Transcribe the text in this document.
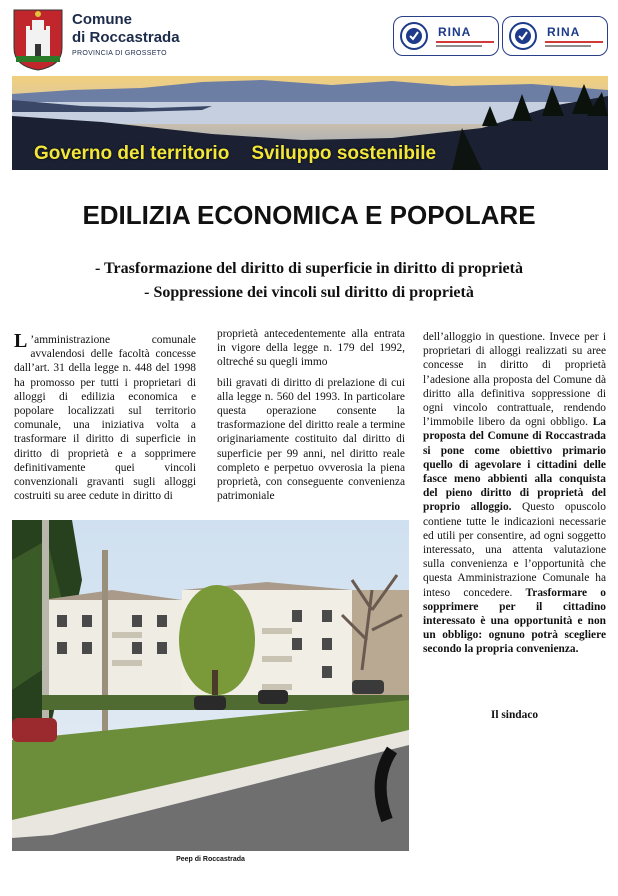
Comune
di Roccastrada
PROVINCIA DI GROSSETO
RINA	RINA
Governo del territorio Sviluppo sostenibile
EDILIZIA ECONOMICA E POPOLARE
- Trasformazione del diritto di superficie in diritto di proprietà
- Soppressione dei vincoli sul diritto di proprietà

L ’amministrazione comunale avvalendosi delle facoltà concesse dall’art. 31 della legge n. 448 del 1998 ha promosso per tutti i proprietari di alloggi di edilizia economica e popolare localizzati sul territorio comunale, una iniziativa volta a trasformare il diritto di superficie in diritto di proprietà e a sopprimere definitivamente quei vincoli convenzionali gravanti sugli alloggi costruiti su aree cedute in diritto di

proprietà antecedentemente alla entrata in vigore della legge n. 179 del 1992, oltreché su quegli immo

bili gravati di diritto di prelazione di cui alla legge n. 560 del 1993. In particolare questa operazione consente la trasformazione del diritto reale a termine originariamente costituito dal diritto di superficie per 99 anni, nel diritto reale completo e perpetuo ovverosia la piena proprietà, con conseguente convenienza patrimoniale

dell’alloggio in questione. Invece per i proprietari di alloggi realizzati su aree concesse in diritto di proprietà l’adesione alla proposta del Comune dà diritto alla definitiva soppressione di ogni vincolo contrattuale, rendendo l’immobile libero da ogni obbligo. La proposta del Comune di Roccastrada si pone come obiettivo primario quello di agevolare i cittadini delle fasce meno abbienti alla conquista del pieno diritto di proprietà del proprio alloggio. Questo opuscolo contiene tutte le indicazioni necessarie ed utili per consentire, ad ogni soggetto interessato, una attenta valutazione sulla convenienza e l’opportunità che questa Amministrazione Comunale ha inteso concedere. Trasformare o sopprimere per il cittadino interessato è una opportunità e non un obbligo: ognuno potrà scegliere secondo la propria convenienza.

Il sindaco
Peep di Roccastrada
